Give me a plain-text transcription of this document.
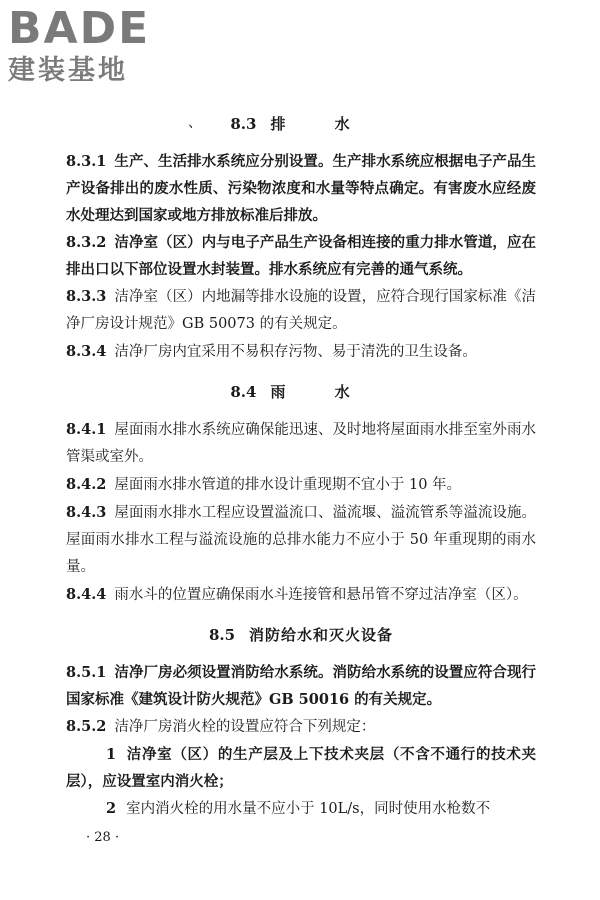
BADE
建装基地
、	8.3 排 水

8.3.1 生产、生活排水系统应分别设置。生产排水系统应根据电子产品生产设备排出的废水性质、污染物浓度和水量等特点确定。有害废水应经废水处理达到国家或地方排放标准后排放。

8.3.2 洁净室（区）内与电子产品生产设备相连接的重力排水管道，应在排出口以下部位设置水封装置。排水系统应有完善的通气系统。

8.3.3 洁净室（区）内地漏等排水设施的设置，应符合现行国家标准《洁净厂房设计规范》GB 50073 的有关规定。

8.3.4 洁净厂房内宜采用不易积存污物、易于清洗的卫生设备。

8.4 雨 水

8.4.1 屋面雨水排水系统应确保能迅速、及时地将屋面雨水排至室外雨水管渠或室外。

8.4.2 屋面雨水排水管道的排水设计重现期不宜小于 10 年。

8.4.3 屋面雨水排水工程应设置溢流口、溢流堰、溢流管系等溢流设施。屋面雨水排水工程与溢流设施的总排水能力不应小于 50 年重现期的雨水量。

8.4.4 雨水斗的位置应确保雨水斗连接管和悬吊管不穿过洁净室（区）。

8.5 消防给水和灭火设备

8.5.1 洁净厂房必须设置消防给水系统。消防给水系统的设置应符合现行国家标准《建筑设计防火规范》GB 50016 的有关规定。

8.5.2 洁净厂房消火栓的设置应符合下列规定：

1 洁净室（区）的生产层及上下技术夹层（不含不通行的技术夹层），应设置室内消火栓；

2 室内消火栓的用水量不应小于 10L/s，同时使用水枪数不

· 28 ·
